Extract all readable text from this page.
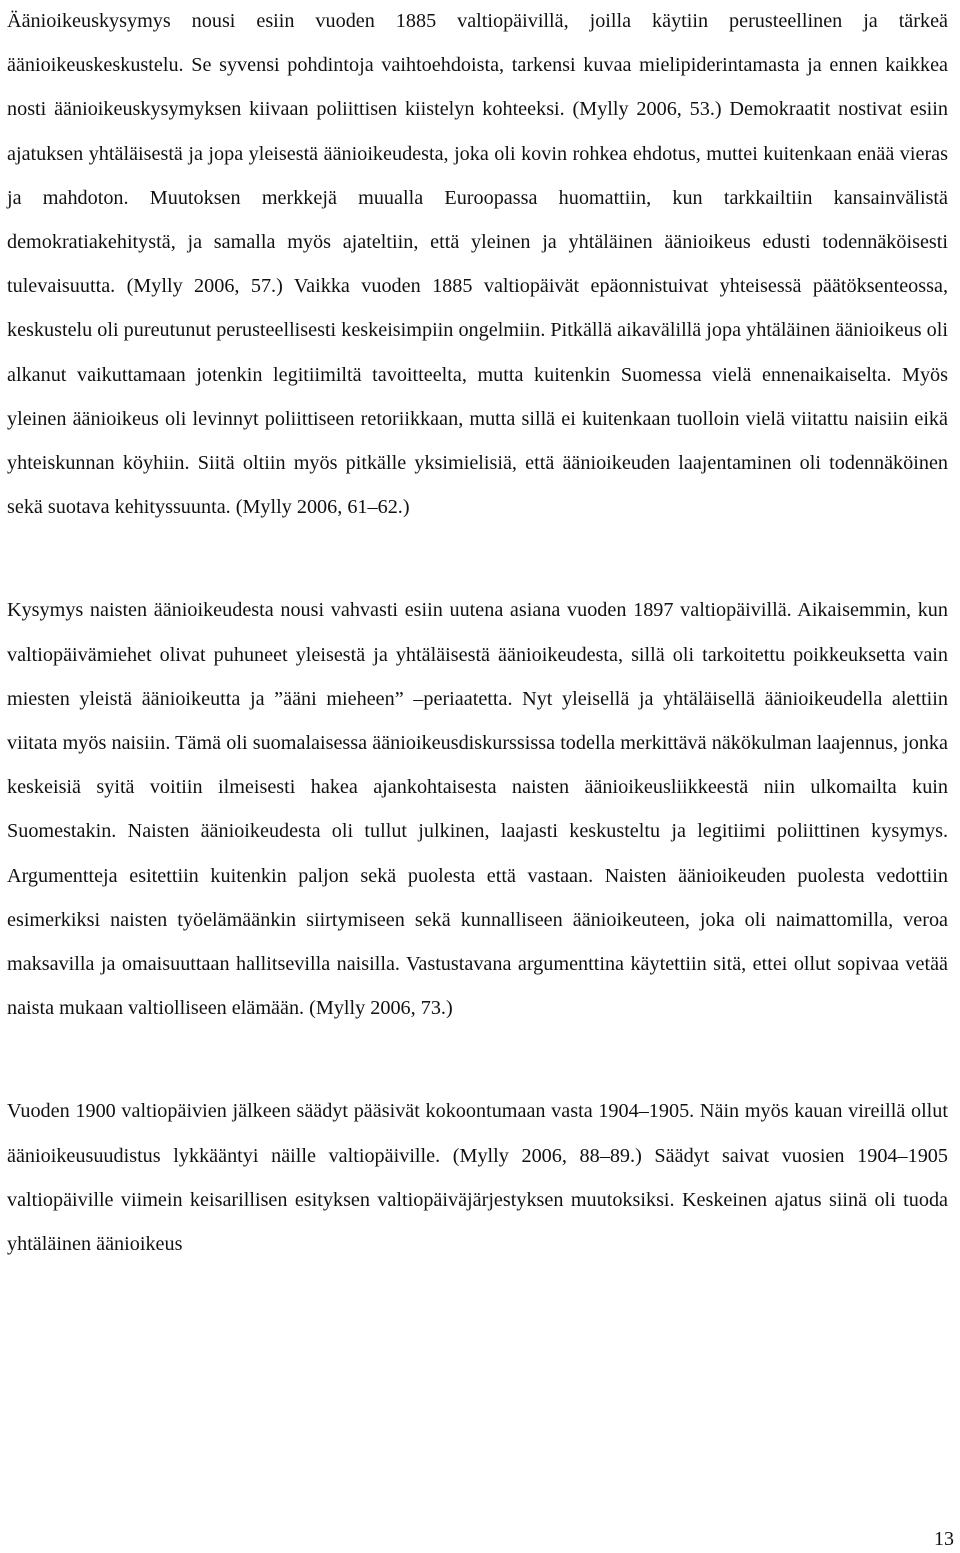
Äänioikeuskysymys nousi esiin vuoden 1885 valtiopäivillä, joilla käytiin perusteellinen ja tärkeä äänioikeuskeskustelu. Se syvensi pohdintoja vaihtoehdoista, tarkensi kuvaa mielipiderintamasta ja ennen kaikkea nosti äänioikeuskysymyksen kiivaan poliittisen kiistelyn kohteeksi. (Mylly 2006, 53.) Demokraatit nostivat esiin ajatuksen yhtäläisestä ja jopa yleisestä äänioikeudesta, joka oli kovin rohkea ehdotus, muttei kuitenkaan enää vieras ja mahdoton. Muutoksen merkkejä muualla Euroopassa huomattiin, kun tarkkailtiin kansainvälistä demokratiakehitystä, ja samalla myös ajateltiin, että yleinen ja yhtäläinen äänioikeus edusti todennäköisesti tulevaisuutta. (Mylly 2006, 57.) Vaikka vuoden 1885 valtiopäivät epäonnistuivat yhteisessä päätöksenteossa, keskustelu oli pureutunut perusteellisesti keskeisimpiin ongelmiin. Pitkällä aikavälillä jopa yhtäläinen äänioikeus oli alkanut vaikuttamaan jotenkin legitiimiltä tavoitteelta, mutta kuitenkin Suomessa vielä ennenaikaiselta. Myös yleinen äänioikeus oli levinnyt poliittiseen retoriikkaan, mutta sillä ei kuitenkaan tuolloin vielä viitattu naisiin eikä yhteiskunnan köyhiin. Siitä oltiin myös pitkälle yksimielisiä, että äänioikeuden laajentaminen oli todennäköinen sekä suotava kehityssuunta. (Mylly 2006, 61–62.)

Kysymys naisten äänioikeudesta nousi vahvasti esiin uutena asiana vuoden 1897 valtiopäivillä. Aikaisemmin, kun valtiopäivämiehet olivat puhuneet yleisestä ja yhtäläisestä äänioikeudesta, sillä oli tarkoitettu poikkeuksetta vain miesten yleistä äänioikeutta ja ”ääni mieheen” –periaatetta. Nyt yleisellä ja yhtäläisellä äänioikeudella alettiin viitata myös naisiin. Tämä oli suomalaisessa äänioikeusdiskurssissa todella merkittävä näkökulman laajennus, jonka keskeisiä syitä voitiin ilmeisesti hakea ajankohtaisesta naisten äänioikeusliikkeestä niin ulkomailta kuin Suomestakin. Naisten äänioikeudesta oli tullut julkinen, laajasti keskusteltu ja legitiimi poliittinen kysymys. Argumentteja esitettiin kuitenkin paljon sekä puolesta että vastaan. Naisten äänioikeuden puolesta vedottiin esimerkiksi naisten työelämäänkin siirtymiseen sekä kunnalliseen äänioikeuteen, joka oli naimattomilla, veroa maksavilla ja omaisuuttaan hallitsevilla naisilla. Vastustavana argumenttina käytettiin sitä, ettei ollut sopivaa vetää naista mukaan valtiolliseen elämään. (Mylly 2006, 73.)

Vuoden 1900 valtiopäivien jälkeen säädyt pääsivät kokoontumaan vasta 1904–1905. Näin myös kauan vireillä ollut äänioikeusuudistus lykkääntyi näille valtiopäiville. (Mylly 2006, 88–89.) Säädyt saivat vuosien 1904–1905 valtiopäiville viimein keisarillisen esityksen valtiopäiväjärjestyksen muutoksiksi. Keskeinen ajatus siinä oli tuoda yhtäläinen äänioikeus

13
